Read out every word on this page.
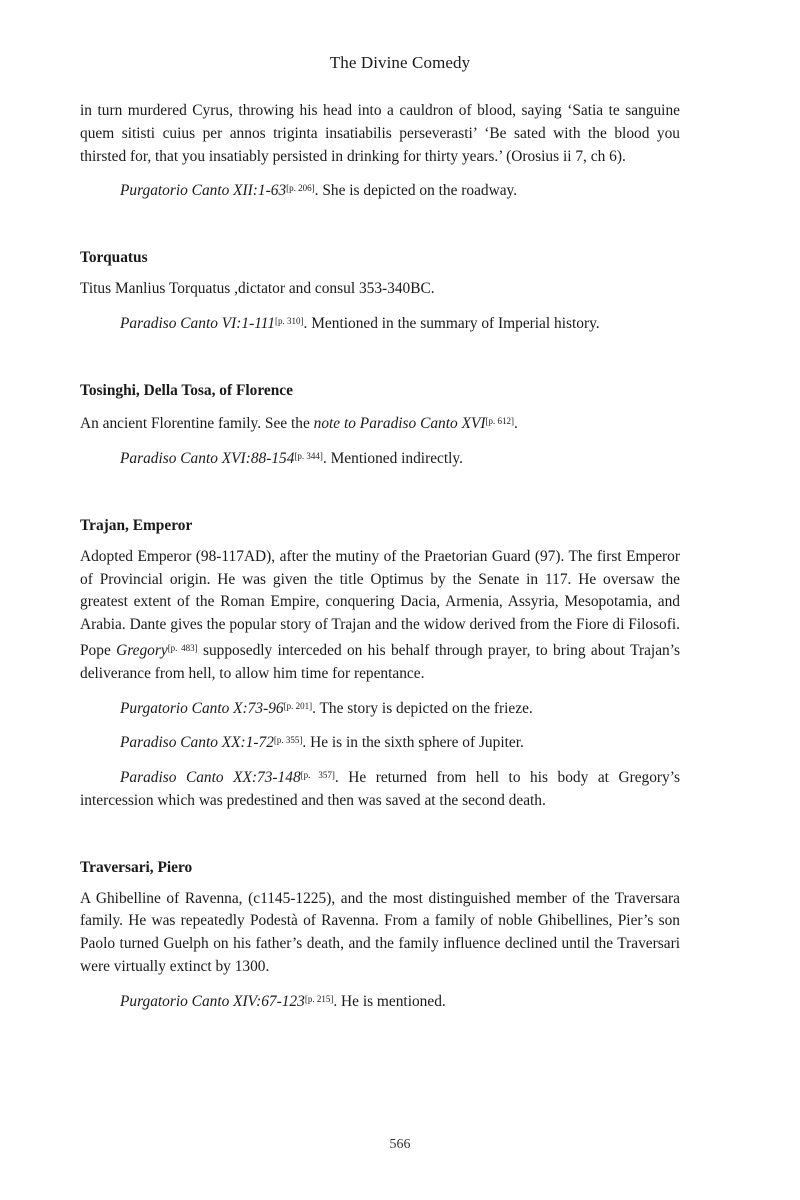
The Divine Comedy

in turn murdered Cyrus, throwing his head into a cauldron of blood, saying ‘Satia te sanguine quem sitisti cuius per annos triginta insatiabilis perseverasti’ ‘Be sated with the blood you thirsted for, that you insatiably persisted in drinking for thirty years.’ (Orosius ii 7, ch 6).

Purgatorio Canto XII:1-63[p. 206]. She is depicted on the roadway.

Torquatus

Titus Manlius Torquatus ,dictator and consul 353-340BC.

Paradiso Canto VI:1-111[p. 310]. Mentioned in the summary of Imperial history.

Tosinghi, Della Tosa, of Florence

An ancient Florentine family. See the note to Paradiso Canto XVI[p. 612].

Paradiso Canto XVI:88-154[p. 344]. Mentioned indirectly.

Trajan, Emperor

Adopted Emperor (98-117AD), after the mutiny of the Praetorian Guard (97). The first Emperor of Provincial origin. He was given the title Optimus by the Senate in 117. He oversaw the greatest extent of the Roman Empire, conquering Dacia, Armenia, Assyria, Mesopotamia, and Arabia. Dante gives the popular story of Trajan and the widow derived from the Fiore di Filosofi. Pope Gregory[p. 483] supposedly interceded on his behalf through prayer, to bring about Trajan’s deliverance from hell, to allow him time for repentance.

Purgatorio Canto X:73-96[p. 201]. The story is depicted on the frieze.

Paradiso Canto XX:1-72[p. 355]. He is in the sixth sphere of Jupiter.

Paradiso Canto XX:73-148[p. 357]. He returned from hell to his body at Gregory’s intercession which was predestined and then was saved at the second death.

Traversari, Piero

A Ghibelline of Ravenna, (c1145-1225), and the most distinguished member of the Traversara family. He was repeatedly Podestà of Ravenna. From a family of noble Ghibellines, Pier’s son Paolo turned Guelph on his father’s death, and the family influence declined until the Traversari were virtually extinct by 1300.

Purgatorio Canto XIV:67-123[p. 215]. He is mentioned.

566
